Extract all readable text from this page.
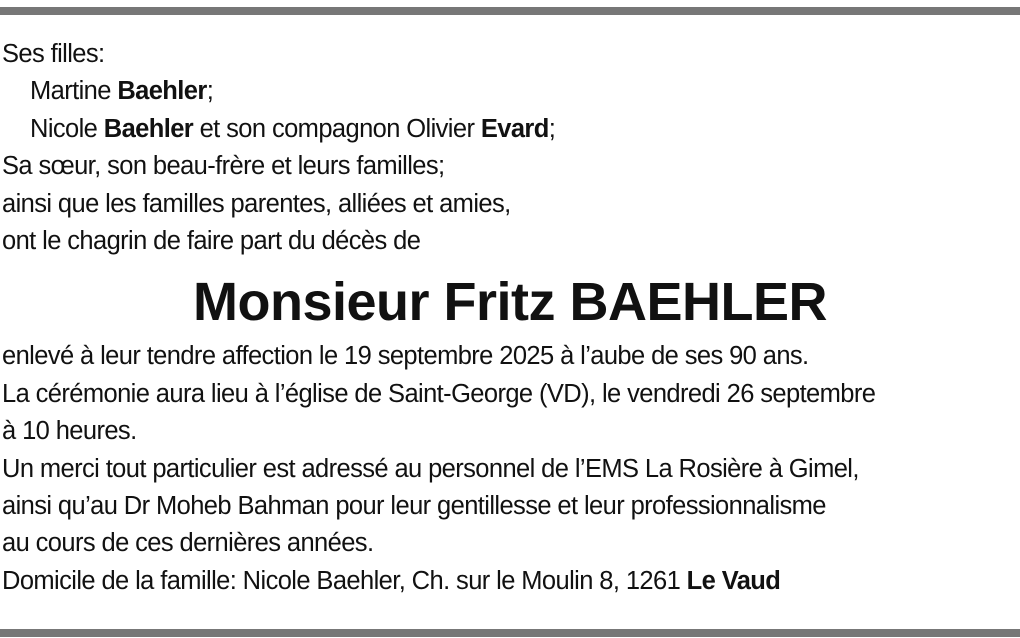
Ses filles:
Martine Baehler;
Nicole Baehler et son compagnon Olivier Evard;
Sa sœur, son beau-frère et leurs familles;
ainsi que les familles parentes, alliées et amies,
ont le chagrin de faire part du décès de
Monsieur Fritz BAEHLER
enlevé à leur tendre affection le 19 septembre 2025 à l’aube de ses 90 ans.
La cérémonie aura lieu à l’église de Saint-George (VD), le vendredi 26 septembre
à 10 heures.
Un merci tout particulier est adressé au personnel de l’EMS La Rosière à Gimel,
ainsi qu’au Dr Moheb Bahman pour leur gentillesse et leur professionnalisme
au cours de ces dernières années.
Domicile de la famille: Nicole Baehler, Ch. sur le Moulin 8, 1261 Le Vaud
